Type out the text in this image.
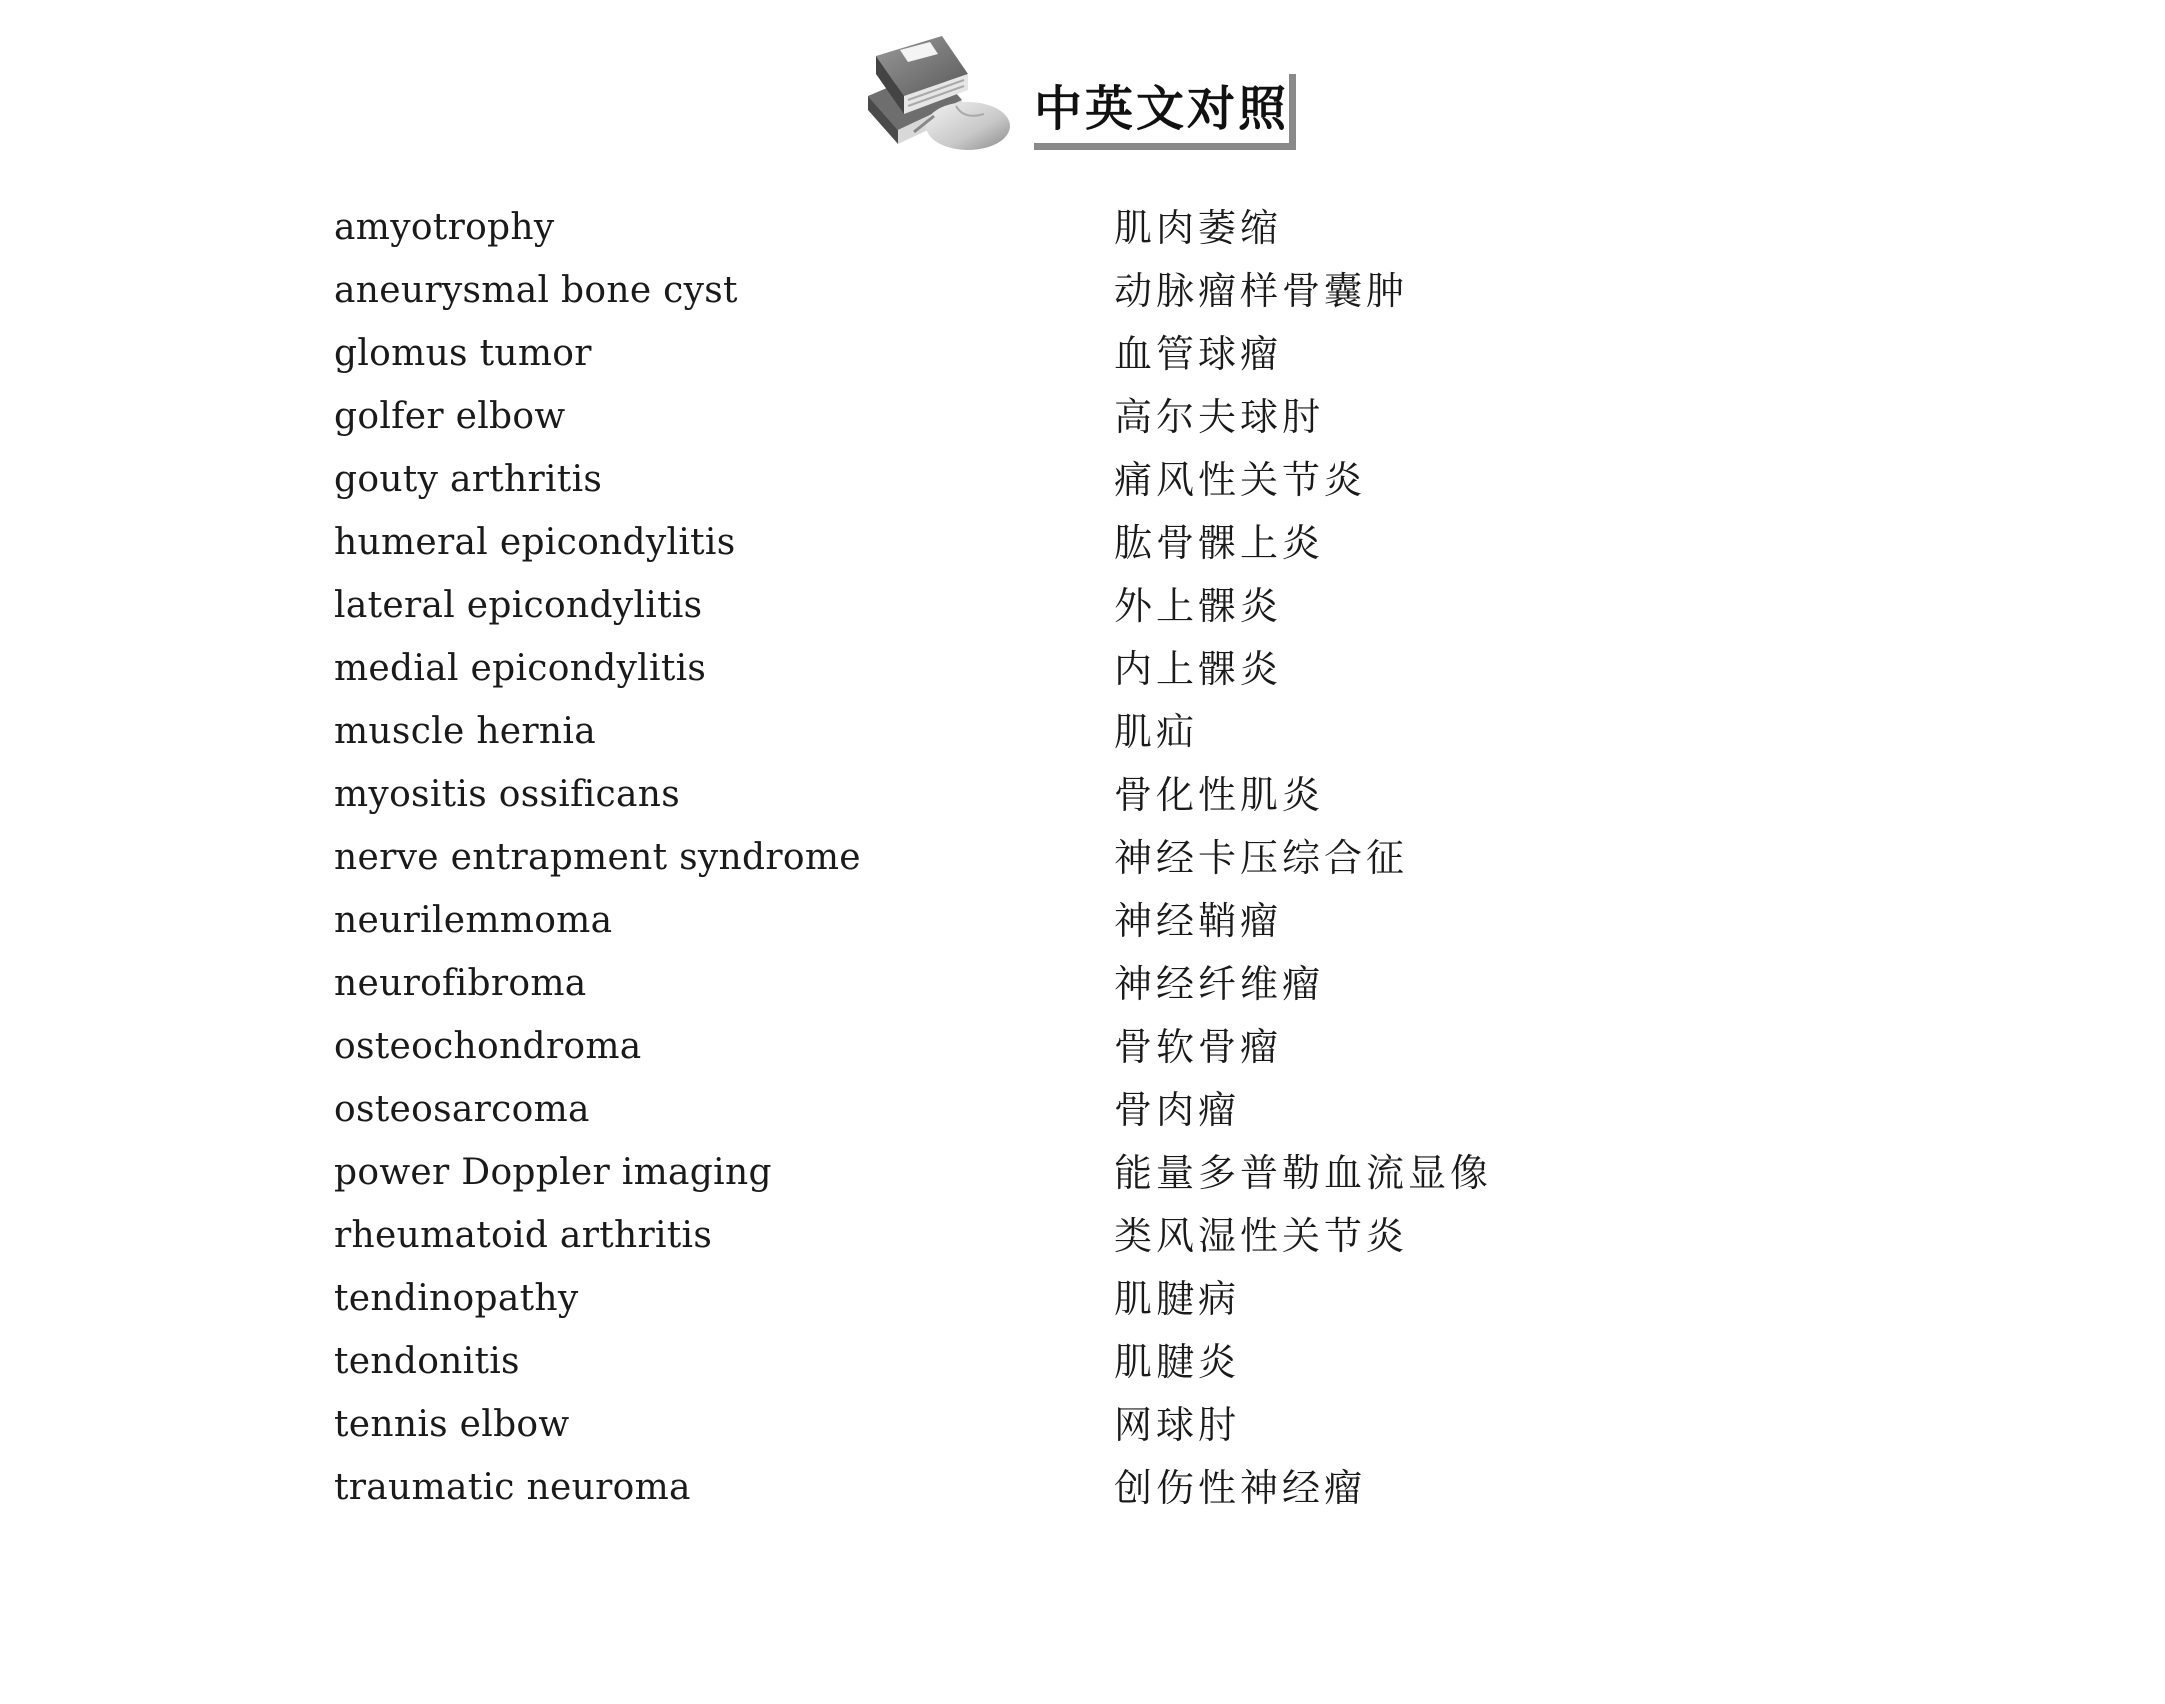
中英文对照
amyotrophy	肌肉萎缩
aneurysmal bone cyst	动脉瘤样骨囊肿
glomus tumor	血管球瘤
golfer elbow	高尔夫球肘
gouty arthritis	痛风性关节炎
humeral epicondylitis	肱骨髁上炎
lateral epicondylitis	外上髁炎
medial epicondylitis	内上髁炎
muscle hernia	肌疝
myositis ossificans	骨化性肌炎
nerve entrapment syndrome	神经卡压综合征
neurilemmoma	神经鞘瘤
neurofibroma	神经纤维瘤
osteochondroma	骨软骨瘤
osteosarcoma	骨肉瘤
power Doppler imaging	能量多普勒血流显像
rheumatoid arthritis	类风湿性关节炎
tendinopathy	肌腱病
tendonitis	肌腱炎
tennis elbow	网球肘
traumatic neuroma	创伤性神经瘤
